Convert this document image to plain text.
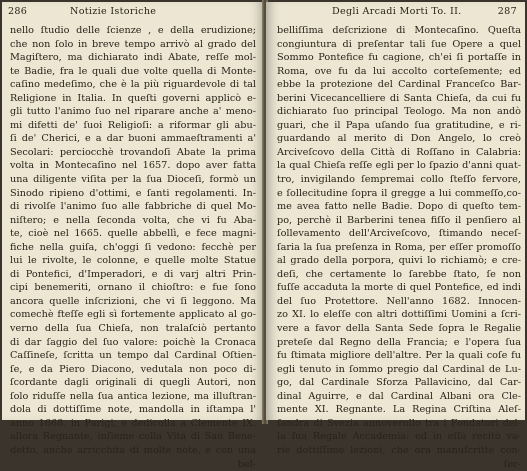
286	Notizie Istoriche
nello ſtudio delle ſcienze , e della erudizione;
che non ſolo in breve tempo arrivò al grado del
Magiſtero, ma dichiarato indi Abate, reſſe mol-
te Badie, fra le quali due volte quella di Monte-
caſino medeſimo, che è la più riguardevole di tal
Religione in Italia. In queſti governi applicò e-
gli tutto l'animo ſuo nel riparare anche a' meno-
mi difetti de' ſuoi Religioſi: a riformar gli abu-
ſi de' Cherici, e a dar buoni ammaeſtramenti a'
Secolari: perciocchè trovandoſi Abate la prima
volta in Montecaſino nel 1657. dopo aver fatta
una diligente viſita per la ſua Dioceſi, formò un
Sinodo ripieno d'ottimi, e ſanti regolamenti. In-
di rivolſe l'animo ſuo alle fabbriche di quel Mo-
niſtero; e nella ſeconda volta, che vi fu Aba-
te, cioè nel 1665. quelle abbellì, e fece magni-
fiche nella guiſa, ch'oggi ſi vedono: fecchè per
lui le rivolte, le colonne, e quelle molte Statue
di Pontefici, d'Imperadori, e di varj altri Prin-
cipi benemeriti, ornano il chioſtro: e fue ſono
ancora quelle inſcrizioni, che vi ſi leggono. Ma
comechè fteſſe egli sì fortemente applicato al go-
verno della ſua Chieſa, non tralaſciò pertanto
di dar ſaggio del ſuo valore: poichè la Cronaca
Caſſineſe, ſcritta un tempo dal Cardinal Oſtien-
ſe, e da Piero Diacono, vedutala non poco di-
ſcordante dagli originali di quegli Autori, non
ſolo riduſſe nella ſua antica lezione, ma illuſtran-
dola di dottiſſime note, mandolla in iſtampa l'
anno 1668. in Parigi, e dedicolla a Clemente IX.
allora Regnante, inſieme colla Vita di San Bene-
detto, anche arricchita di molte note, e con una
bel-
Degli Arcadi Morti To. II.	287
belliſſima deſcrizione di Montecaſino. Queſta
congiuntura di preſentar tali ſue Opere a quel
Sommo Pontefice fu cagione, ch'ei ſi portaſſe in
Roma, ove fu da lui accolto corteſemente; ed
ebbe la protezione del Cardinal Franceſco Bar-
berini Vicecancelliere di Santa Chieſa, da cui fu
dichiarato ſuo principal Teologo. Ma non andò
guari, che il Papa uſando ſua gratitudine, e ri-
guardando al merito di Don Angelo, lo creò
Arciveſcovo della Città di Roſſano in Calabria:
la qual Chieſa reſſe egli per lo ſpazio d'anni quat-
tro, invigilando ſempremai collo ſteſſo fervore,
e ſollecitudine ſopra il gregge a lui commeſſo,co-
me avea fatto nelle Badie. Dopo di queſto tem-
po, perchè il Barberini tenea fiſſo il penſiero al
ſollevamento dell'Arciveſcovo, ſtimando neceſ-
ſaria la ſua preſenza in Roma, per eſſer promoſſo
al grado della porpora, quivi lo richiamò; e cre-
deſi, che certamente lo ſarebbe ſtato, ſe non
fuſſe accaduta la morte di quel Pontefice, ed indi
del ſuo Protettore. Nell'anno 1682. Innocen-
zo XI. lo eleſſe con altri dottiſſimi Uomini a ſcri-
vere a favor della Santa Sede ſopra le Regalie
preteſe dal Regno della Francia; e l'opera ſua
fu ſtimata migliore dell'altre. Per la quali coſe fu
egli tenuto in ſommo pregio dal Cardinal de Lu-
go, dal Cardinale Sforza Pallavicino, dal Car-
dinal Aguirre, e dal Cardinal Albani ora Cle-
mente XI. Regnante. La Regina Criſtina Aleſ-
ſandra di Svezia annoverollo tra i Fondatori del-
la ſua Regale Accademia: ed in eſſa recitò va-
rie dottiſſime lezioni, che ora manuſcritte con-
ſer-
